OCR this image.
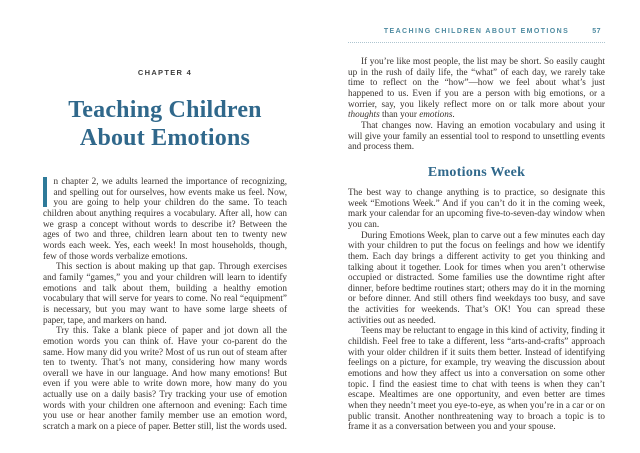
CHAPTER 4
Teaching Children
About Emotions

n chapter 2, we adults learned the importance of recognizing, and spelling out for ourselves, how events make us feel. Now, you are going to help your children do the same. To teach children about anything requires a vocabulary. After all, how can we grasp a concept without words to describe it? Between the ages of two and three, children learn about ten to twenty new words each week. Yes, each week! In most households, though, few of those words verbalize emotions.

This section is about making up that gap. Through exercises and family “games,” you and your children will learn to identify emotions and talk about them, building a healthy emotion vocabulary that will serve for years to come. No real “equipment” is necessary, but you may want to have some large sheets of paper, tape, and markers on hand.

Try this. Take a blank piece of paper and jot down all the emotion words you can think of. Have your co-parent do the same. How many did you write? Most of us run out of steam after ten to twenty. That’s not many, considering how many words overall we have in our language. And how many emotions! But even if you were able to write down more, how many do you actually use on a daily basis? Try tracking your use of emotion words with your children one afternoon and evening: Each time you use or hear another family member use an emotion word, scratch a mark on a piece of paper. Better still, list the words used.

TEACHING CHILDREN ABOUT EMOTIONS	57

If you’re like most people, the list may be short. So easily caught up in the rush of daily life, the “what” of each day, we rarely take time to reflect on the “how”—how we feel about what’s just happened to us. Even if you are a person with big emotions, or a worrier, say, you likely reflect more on or talk more about your thoughts than your emotions.

That changes now. Having an emotion vocabulary and using it will give your family an essential tool to respond to unsettling events and process them.

Emotions Week

The best way to change anything is to practice, so designate this week “Emotions Week.” And if you can’t do it in the coming week, mark your calendar for an upcoming five-to-seven-day window when you can.

During Emotions Week, plan to carve out a few minutes each day with your children to put the focus on feelings and how we identify them. Each day brings a different activity to get you thinking and talking about it together. Look for times when you aren’t otherwise occupied or distracted. Some families use the downtime right after dinner, before bedtime routines start; others may do it in the morning or before dinner. And still others find weekdays too busy, and save the activities for weekends. That’s OK! You can spread these activities out as needed.

Teens may be reluctant to engage in this kind of activity, finding it childish. Feel free to take a different, less “arts-and-crafts” approach with your older children if it suits them better. Instead of identifying feelings on a picture, for example, try weaving the discussion about emotions and how they affect us into a conversation on some other topic. I find the easiest time to chat with teens is when they can’t escape. Mealtimes are one opportunity, and even better are times when they needn’t meet you eye-to-eye, as when you’re in a car or on public transit. Another nonthreatening way to broach a topic is to frame it as a conversation between you and your spouse.
